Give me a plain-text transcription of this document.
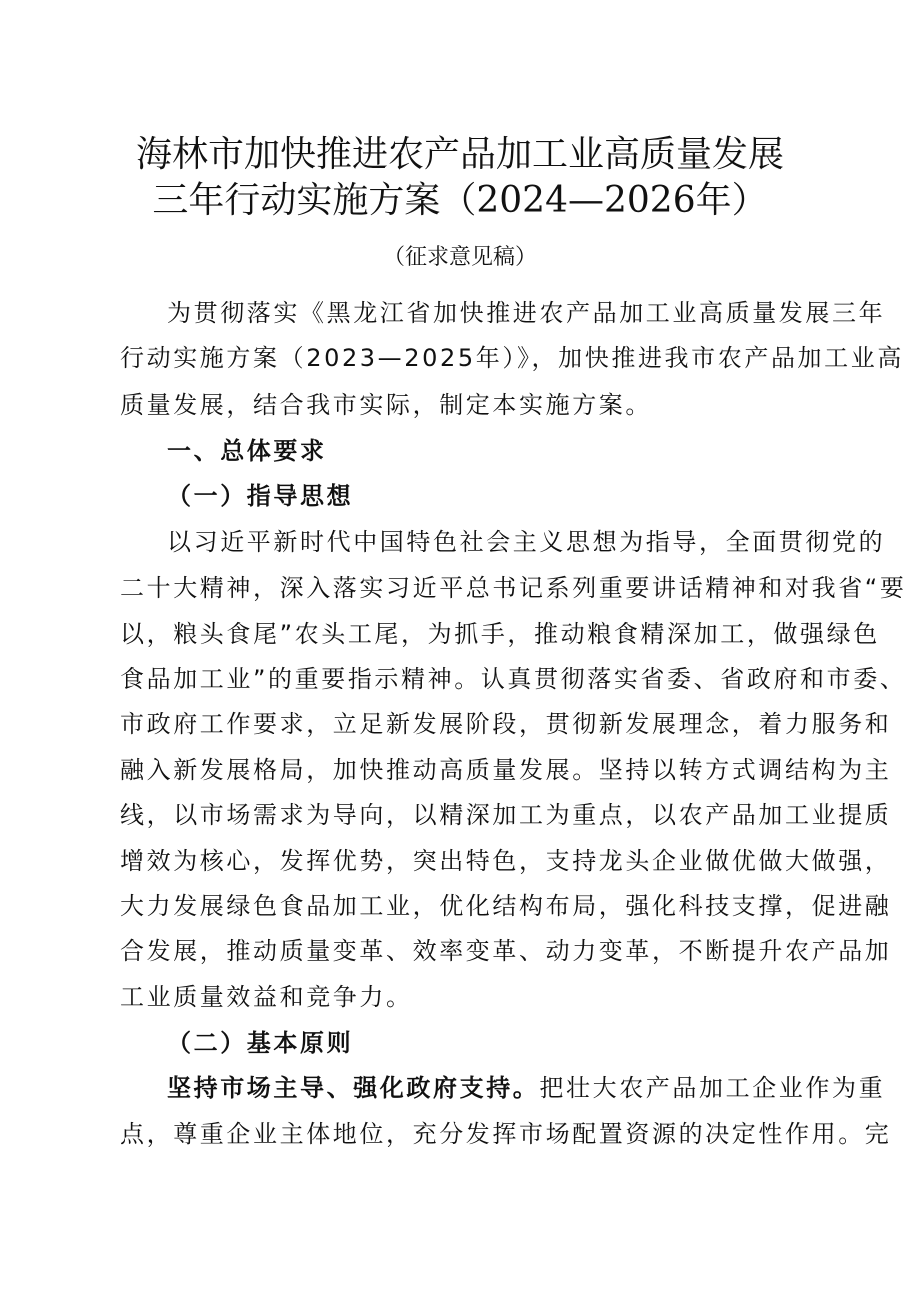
海林市加快推进农产品加工业高质量发展
三年行动实施方案（2024—2026年）
（征求意见稿）
为贯彻落实《黑龙江省加快推进农产品加工业高质量发展三年
行动实施方案（2023—2025年）》，加快推进我市农产品加工业高
质量发展，结合我市实际，制定本实施方案。
一、总体要求
（一）指导思想
以习近平新时代中国特色社会主义思想为指导，全面贯彻党的
二十大精神，深入落实习近平总书记系列重要讲话精神和对我省“要
以，粮头食尾”农头工尾，为抓手，推动粮食精深加工，做强绿色
食品加工业”的重要指示精神。认真贯彻落实省委、省政府和市委、
市政府工作要求，立足新发展阶段，贯彻新发展理念，着力服务和
融入新发展格局，加快推动高质量发展。坚持以转方式调结构为主
线，以市场需求为导向，以精深加工为重点，以农产品加工业提质
增效为核心，发挥优势，突出特色，支持龙头企业做优做大做强，
大力发展绿色食品加工业，优化结构布局，强化科技支撑，促进融
合发展，推动质量变革、效率变革、动力变革，不断提升农产品加
工业质量效益和竞争力。
（二）基本原则
坚持市场主导、强化政府支持。把壮大农产品加工企业作为重
点，尊重企业主体地位，充分发挥市场配置资源的决定性作用。完
